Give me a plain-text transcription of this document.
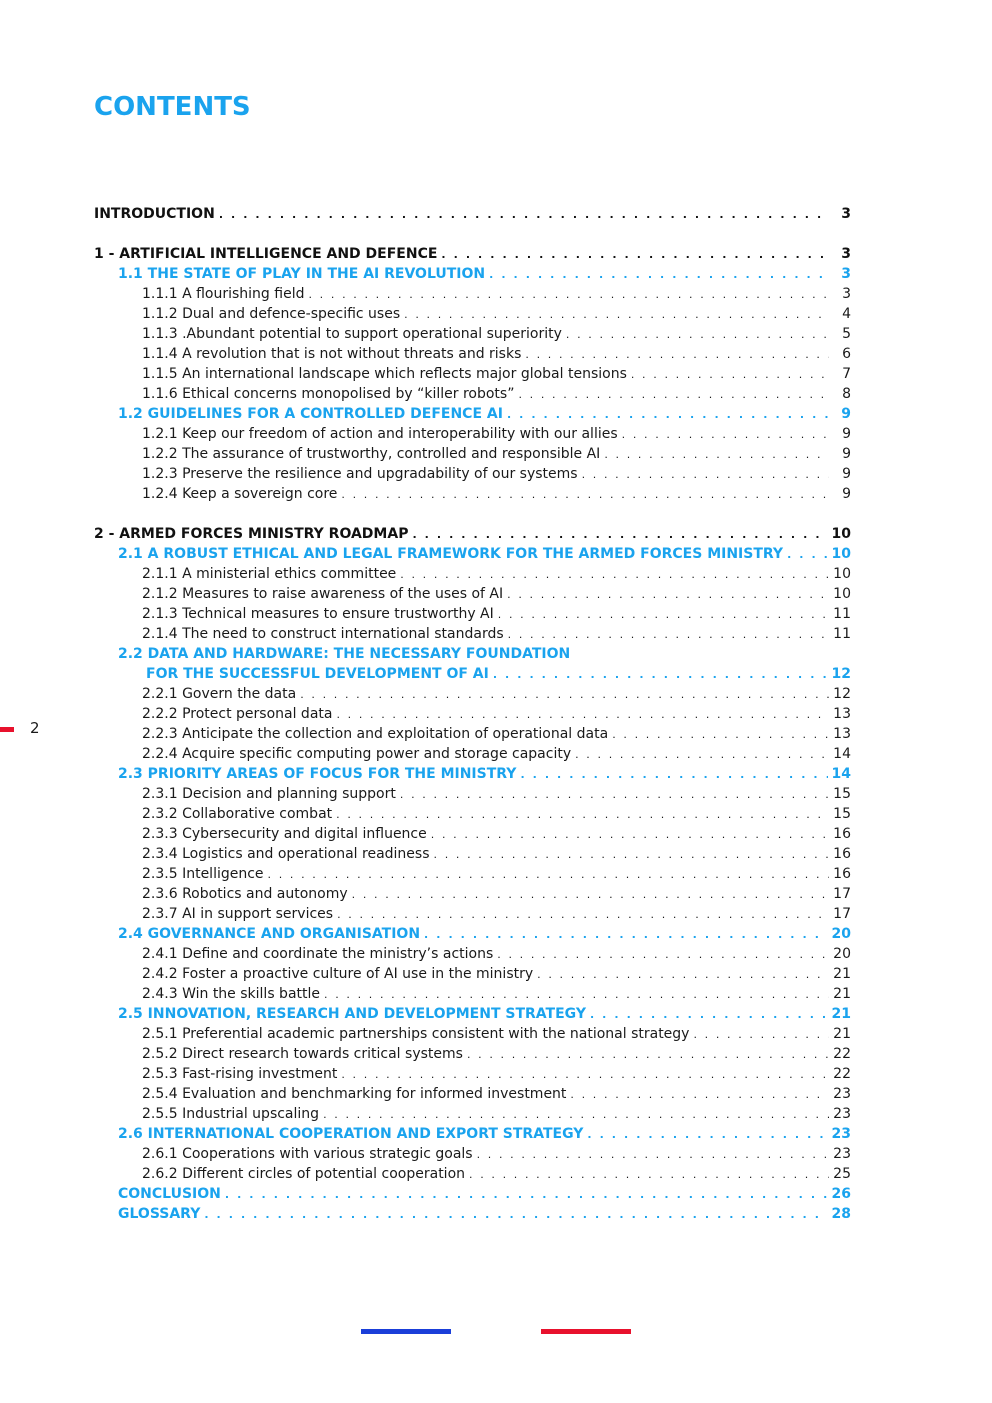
CONTENTS
INTRODUCTION . . .	3
1 - ARTIFICIAL INTELLIGENCE AND DEFENCE . . .	3
1.1 THE STATE OF PLAY IN THE AI REVOLUTION . . .	3
1.1.1 A flourishing field . . .	3
1.1.2 Dual and defence-specific uses . . .	4
1.1.3 .Abundant potential to support operational superiority . . .	5
1.1.4 A revolution that is not without threats and risks . . .	6
1.1.5 An international landscape which reflects major global tensions . . .	7
1.1.6 Ethical concerns monopolised by “killer robots” . . .	8
1.2 GUIDELINES FOR A CONTROLLED DEFENCE AI . . .	9
1.2.1 Keep our freedom of action and interoperability with our allies . . .	9
1.2.2 The assurance of trustworthy, controlled and responsible AI . . .	9
1.2.3 Preserve the resilience and upgradability of our systems . . .	9
1.2.4 Keep a sovereign core . . .	9
2 - ARMED FORCES MINISTRY ROADMAP . . .	10
2.1 A ROBUST ETHICAL AND LEGAL FRAMEWORK FOR THE ARMED FORCES MINISTRY . . .	10
2.1.1 A ministerial ethics committee . . .	10
2.1.2 Measures to raise awareness of the uses of AI . . .	10
2.1.3 Technical measures to ensure trustworthy AI . . .	11
2.1.4 The need to construct international standards . . .	11
2.2 DATA AND HARDWARE: THE NECESSARY FOUNDATION
FOR THE SUCCESSFUL DEVELOPMENT OF AI . . .	12
2.2.1 Govern the data . . .	12
2.2.2 Protect personal data . . .	13
2.2.3 Anticipate the collection and exploitation of operational data . . .	13
2.2.4 Acquire specific computing power and storage capacity . . .	14
2.3 PRIORITY AREAS OF FOCUS FOR THE MINISTRY . . .	14
2.3.1 Decision and planning support . . .	15
2.3.2 Collaborative combat . . .	15
2.3.3 Cybersecurity and digital influence . . .	16
2.3.4 Logistics and operational readiness . . .	16
2.3.5 Intelligence . . .	16
2.3.6 Robotics and autonomy . . .	17
2.3.7 AI in support services . . .	17
2.4 GOVERNANCE AND ORGANISATION . . .	20
2.4.1 Define and coordinate the ministry’s actions . . .	20
2.4.2 Foster a proactive culture of AI use in the ministry . . .	21
2.4.3 Win the skills battle . . .	21
2.5 INNOVATION, RESEARCH AND DEVELOPMENT STRATEGY . . .	21
2.5.1 Preferential academic partnerships consistent with the national strategy . . .	21
2.5.2 Direct research towards critical systems . . .	22
2.5.3 Fast-rising investment . . .	22
2.5.4 Evaluation and benchmarking for informed investment . . .	23
2.5.5 Industrial upscaling . . .	23
2.6 INTERNATIONAL COOPERATION AND EXPORT STRATEGY . . .	23
2.6.1 Cooperations with various strategic goals . . .	23
2.6.2 Different circles of potential cooperation . . .	25
CONCLUSION . . .	26
GLOSSARY . . .	28
2
